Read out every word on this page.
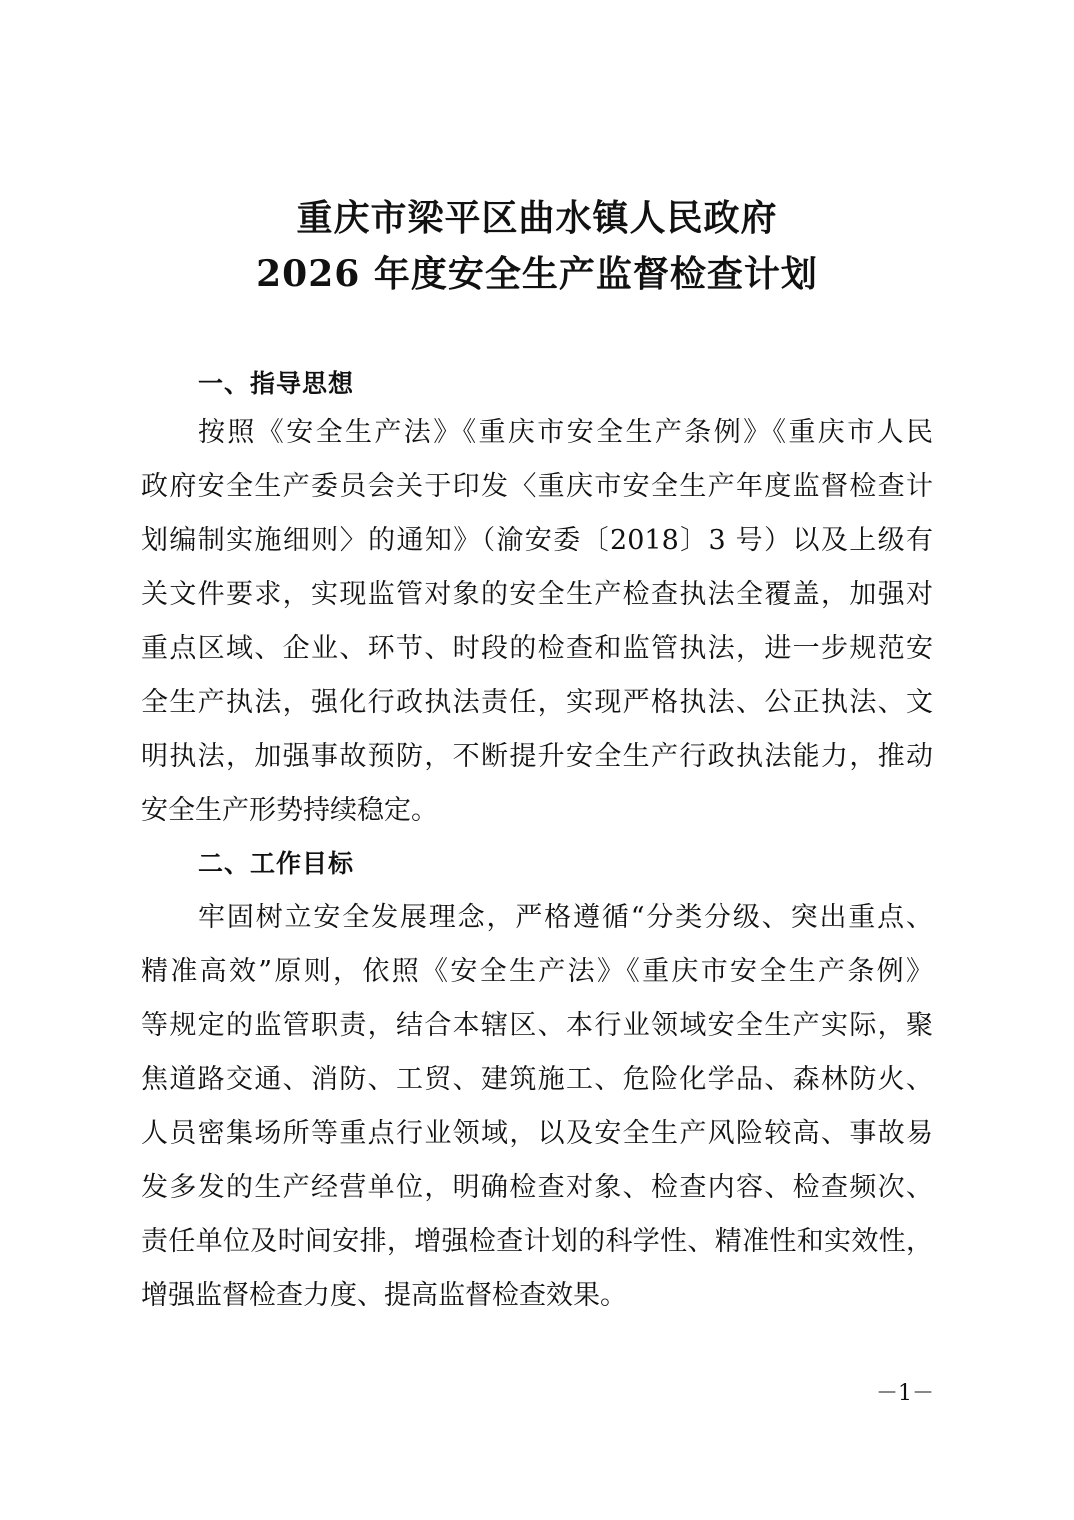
重庆市梁平区曲水镇人民政府
2026 年度安全生产监督检查计划
一、指导思想
按照《安全生产法》《重庆市安全生产条例》《重庆市人民
政府安全生产委员会关于印发〈重庆市安全生产年度监督检查计
划编制实施细则〉的通知》（渝安委〔2018〕3 号）以及上级有
关文件要求，实现监管对象的安全生产检查执法全覆盖，加强对
重点区域、企业、环节、时段的检查和监管执法，进一步规范安
全生产执法，强化行政执法责任，实现严格执法、公正执法、文
明执法，加强事故预防，不断提升安全生产行政执法能力，推动
安全生产形势持续稳定。
二、工作目标
牢固树立安全发展理念，严格遵循“分类分级、突出重点、
精准高效”原则，依照《安全生产法》《重庆市安全生产条例》
等规定的监管职责，结合本辖区、本行业领域安全生产实际，聚
焦道路交通、消防、工贸、建筑施工、危险化学品、森林防火、
人员密集场所等重点行业领域，以及安全生产风险较高、事故易
发多发的生产经营单位，明确检查对象、检查内容、检查频次、
责任单位及时间安排，增强检查计划的科学性、精准性和实效性，
增强监督检查力度、提高监督检查效果。
－1－
